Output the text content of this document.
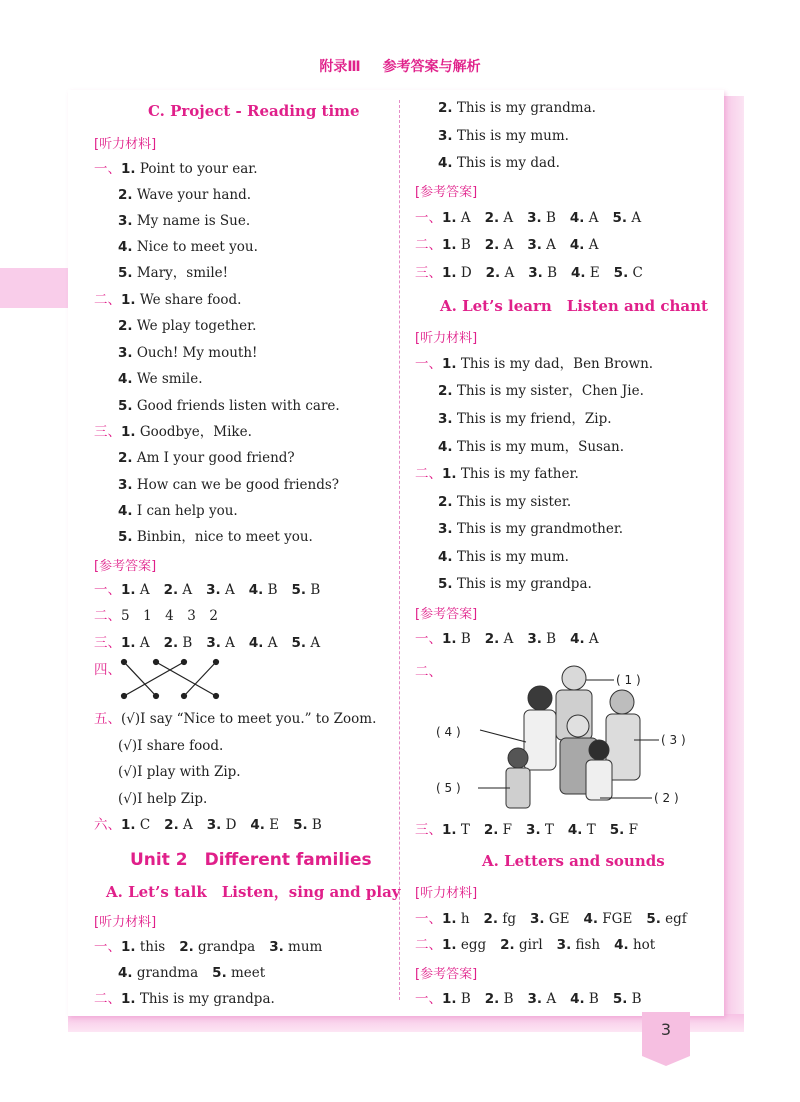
附录Ⅲ 参考答案与解析
C. Project - Reading time
[听力材料]
一、1. Point to your ear.
2. Wave your hand.
3. My name is Sue.
4. Nice to meet you.
5. Mary，smile!
二、1. We share food.
2. We play together.
3. Ouch! My mouth!
4. We smile.
5. Good friends listen with care.
三、1. Goodbye，Mike.
2. Am I your good friend?
3. How can we be good friends?
4. I can help you.
5. Binbin，nice to meet you.
[参考答案]
一、1. A 2. A 3. A 4. B 5. B
二、5　1　4　3　2
三、1. A 2. B 3. A 4. A 5. A
四、
五、(√)I say “Nice to meet you.” to Zoom.
(√)I share food.
(√)I play with Zip.
(√)I help Zip.
六、1. C 2. A 3. D 4. E 5. B
Unit 2　Different families
A. Let’s talk　Listen，sing and play
[听力材料]
一、1. this 2. grandpa 3. mum
4. grandma 5. meet
二、1. This is my grandpa.
2. This is my grandma.
3. This is my mum.
4. This is my dad.
[参考答案]
一、1. A 2. A 3. B 4. A 5. A
二、1. B 2. A 3. A 4. A
三、1. D 2. A 3. B 4. E 5. C
A. Let’s learn　Listen and chant
[听力材料]
一、1. This is my dad，Ben Brown.
2. This is my sister，Chen Jie.
3. This is my friend，Zip.
4. This is my mum，Susan.
二、1. This is my father.
2. This is my sister.
3. This is my grandmother.
4. This is my mum.
5. This is my grandpa.
[参考答案]
一、1. B 2. A 3. B 4. A
二、	( 1 )
( 4 )
( 3 )
( 5 )
( 2 )
三、1. T 2. F 3. T 4. T 5. F
A. Letters and sounds
[听力材料]
一、1. h 2. fg 3. GE 4. FGE 5. egf
二、1. egg 2. girl 3. fish 4. hot
[参考答案]
一、1. B 2. B 3. A 4. B 5. B
3
